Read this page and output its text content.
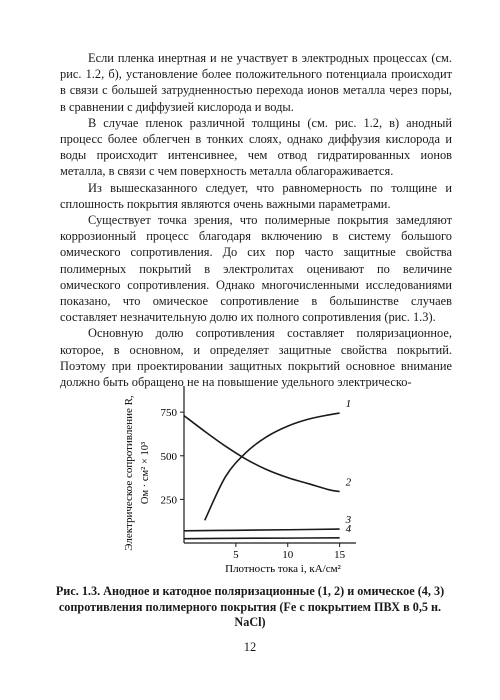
Если пленка инертная и не участвует в электродных процессах (см. рис. 1.2, б), установление более положительного потенциала происходит в связи с большей затрудненностью перехода ионов металла через поры, в сравнении с диффузией кислорода и воды.

В случае пленок различной толщины (см. рис. 1.2, в) анодный процесс более облегчен в тонких слоях, однако диффузия кислорода и воды происходит интенсивнее, чем отвод гидратированных ионов металла, в связи с чем поверхность металла облагораживается.

Из вышесказанного следует, что равномерность по толщине и сплошность покрытия являются очень важными параметрами.

Существует точка зрения, что полимерные покрытия замедляют коррозионный процесс благодаря включению в систему большого омического сопротивления. До сих пор часто защитные свойства полимерных покрытий в электролитах оценивают по величине омического сопротивления. Однако многочисленными исследованиями показано, что омическое сопротивление в большинстве случаев составляет незначительную долю их полного сопротивления (рис. 1.3).

Основную долю сопротивления составляет поляризационное, которое, в основном, и определяет защитные свойства покрытий. Поэтому при проектировании защитных покрытий основное внимание должно быть обращено не на повышение удельного электрическо-

Электрическое сопротивление R, Ом · см² × 10³ 250
500
750
5	10	15
1
2
3
4
Плотность тока i, кА/см²
Рис. 1.3. Анодное и катодное поляризационные (1, 2) и омическое (4, 3) сопротивления полимерного покрытия (Fe с покрытием ПВХ в 0,5 н. NaCl)
12
